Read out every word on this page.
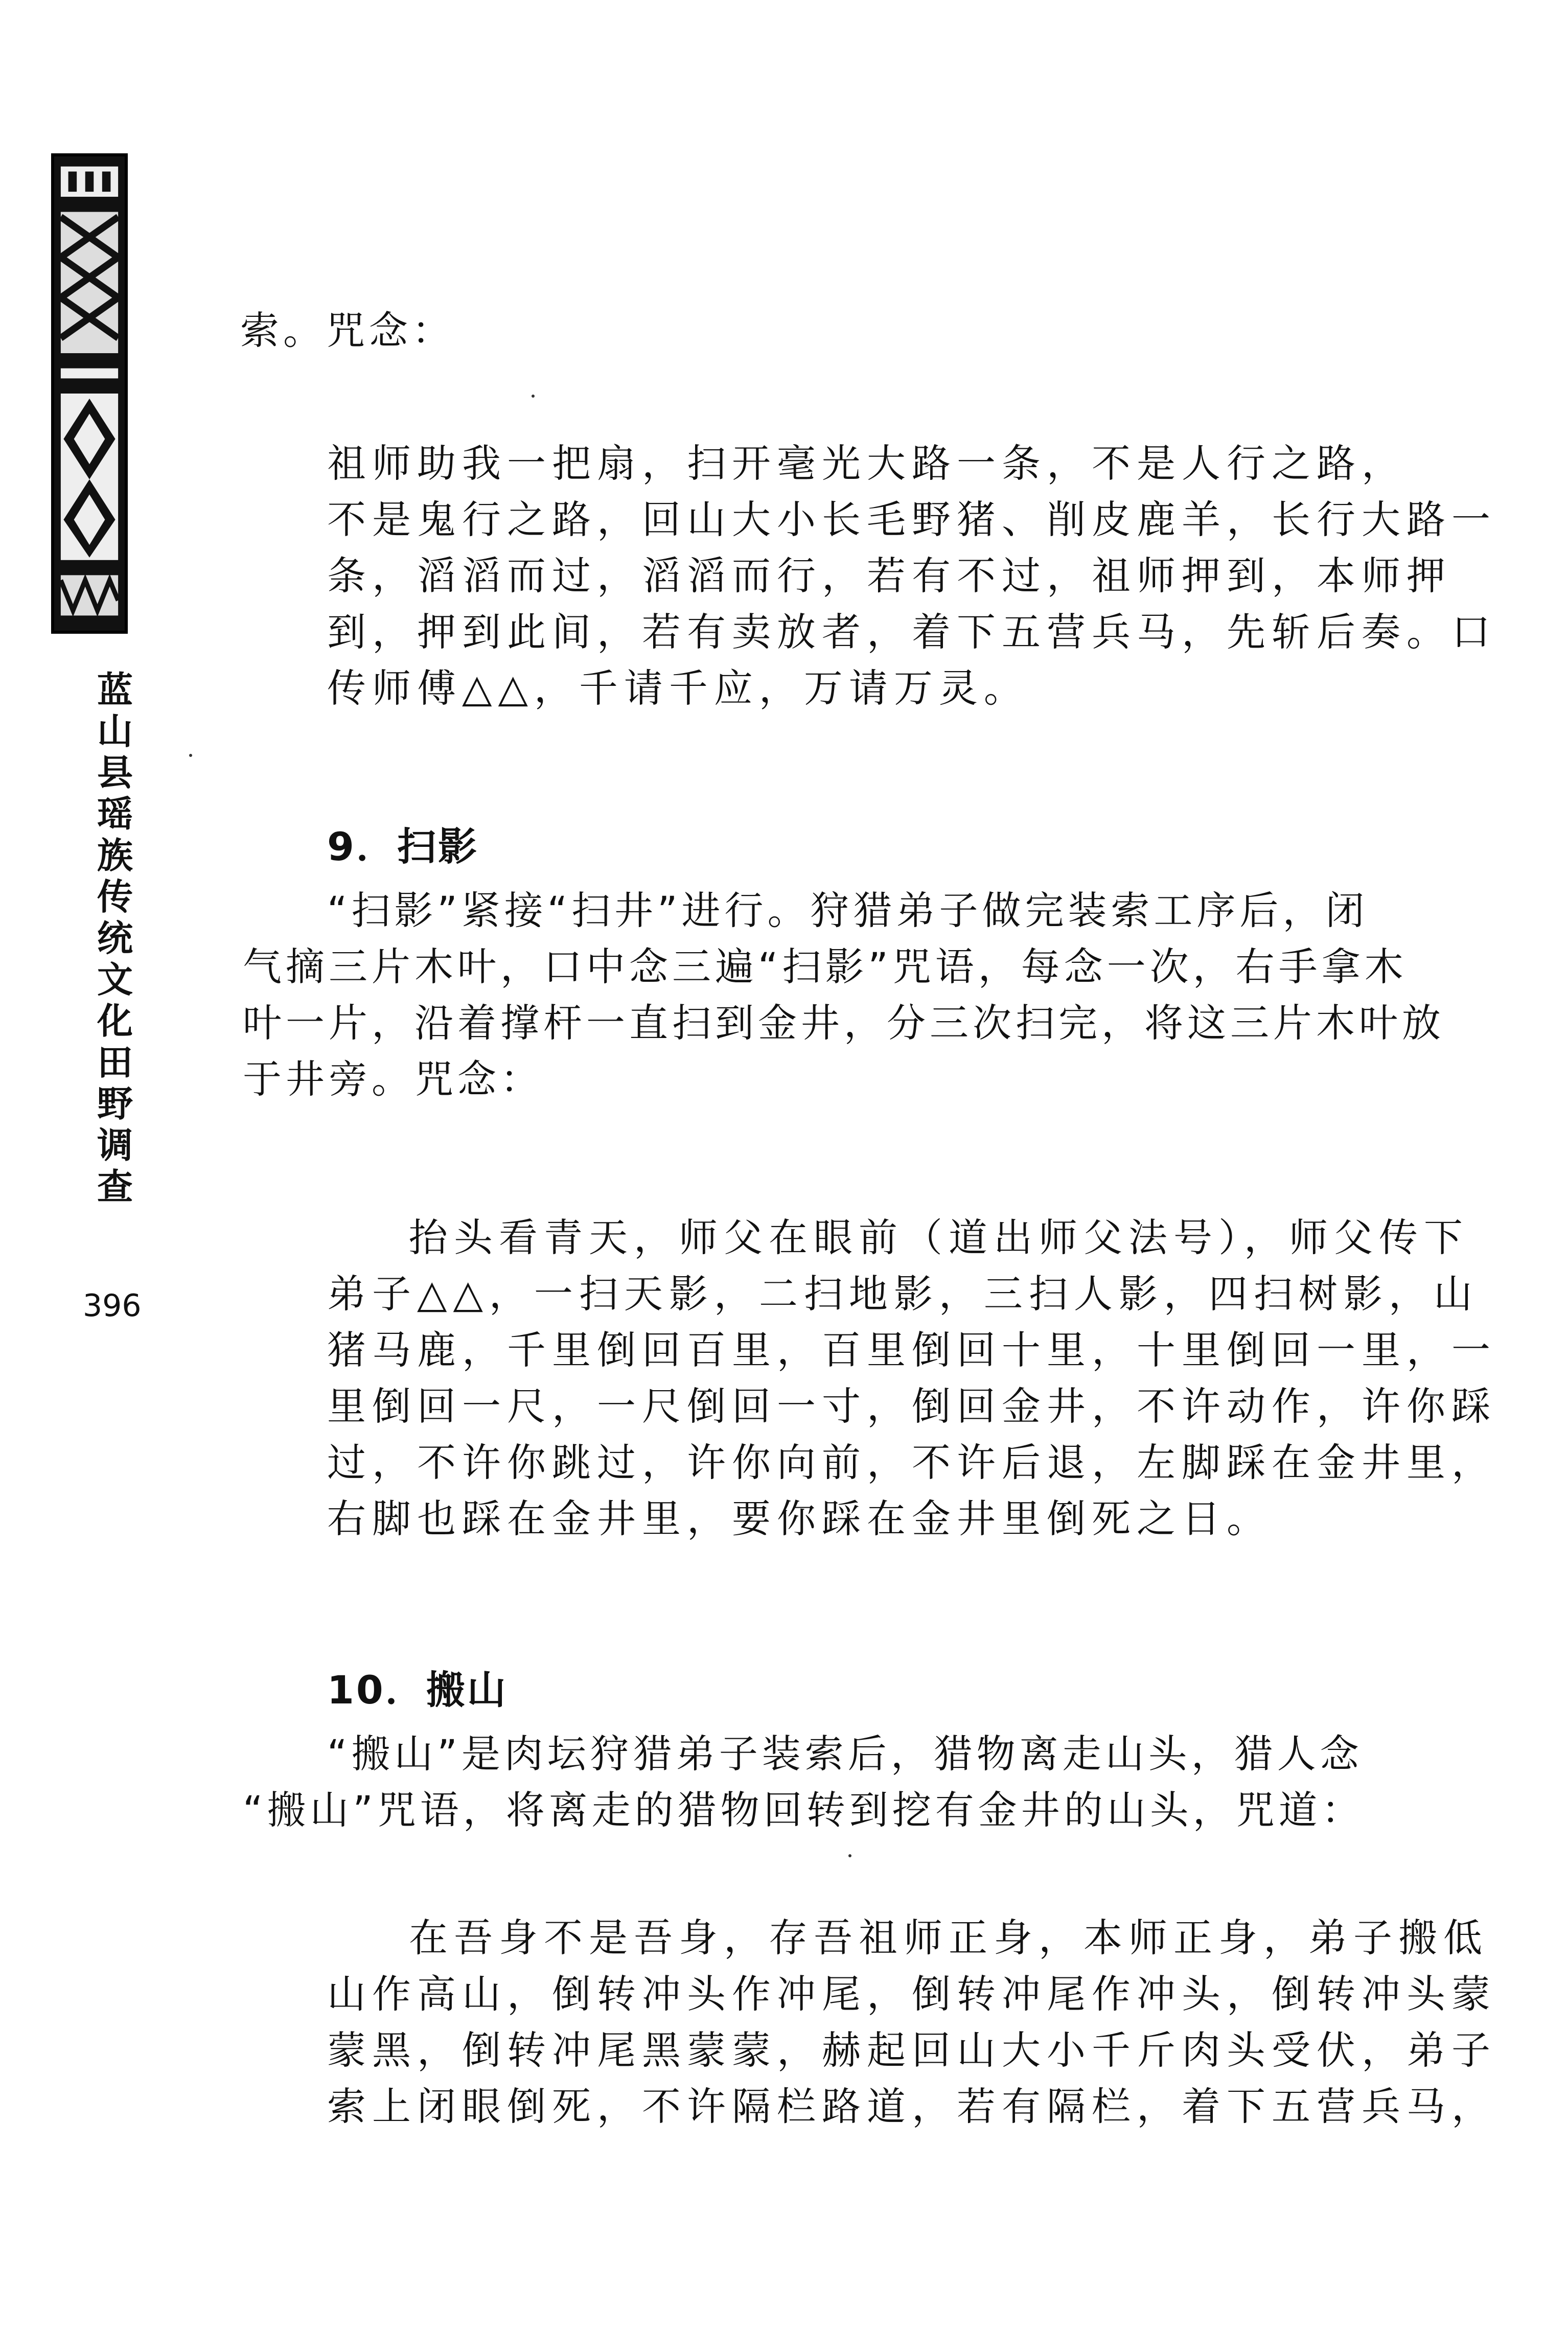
蓝
山
县
瑶
族
传
统
文
化
田
野
调
查
396
索。咒念：
祖师助我一把扇，扫开毫光大路一条，不是人行之路，
不是鬼行之路，回山大小长毛野猪、削皮鹿羊，长行大路一
条，滔滔而过，滔滔而行，若有不过，祖师押到，本师押
到，押到此间，若有卖放者，着下五营兵马，先斩后奏。口
传师傅△△，千请千应，万请万灵。
9．扫影
“扫影”紧接“扫井”进行。狩猎弟子做完装索工序后，闭
气摘三片木叶，口中念三遍“扫影”咒语，每念一次，右手拿木
叶一片，沿着撑杆一直扫到金井，分三次扫完，将这三片木叶放
于井旁。咒念：
抬头看青天，师父在眼前（道出师父法号），师父传下
弟子△△，一扫天影，二扫地影，三扫人影，四扫树影，山
猪马鹿，千里倒回百里，百里倒回十里，十里倒回一里，一
里倒回一尺，一尺倒回一寸，倒回金井，不许动作，许你踩
过，不许你跳过，许你向前，不许后退，左脚踩在金井里，
右脚也踩在金井里，要你踩在金井里倒死之日。
10．搬山
“搬山”是肉坛狩猎弟子装索后，猎物离走山头，猎人念
“搬山”咒语，将离走的猎物回转到挖有金井的山头，咒道：
在吾身不是吾身，存吾祖师正身，本师正身，弟子搬低
山作高山，倒转冲头作冲尾，倒转冲尾作冲头，倒转冲头蒙
蒙黑，倒转冲尾黑蒙蒙，赫起回山大小千斤肉头受伏，弟子
索上闭眼倒死，不许隔栏路道，若有隔栏，着下五营兵马，
